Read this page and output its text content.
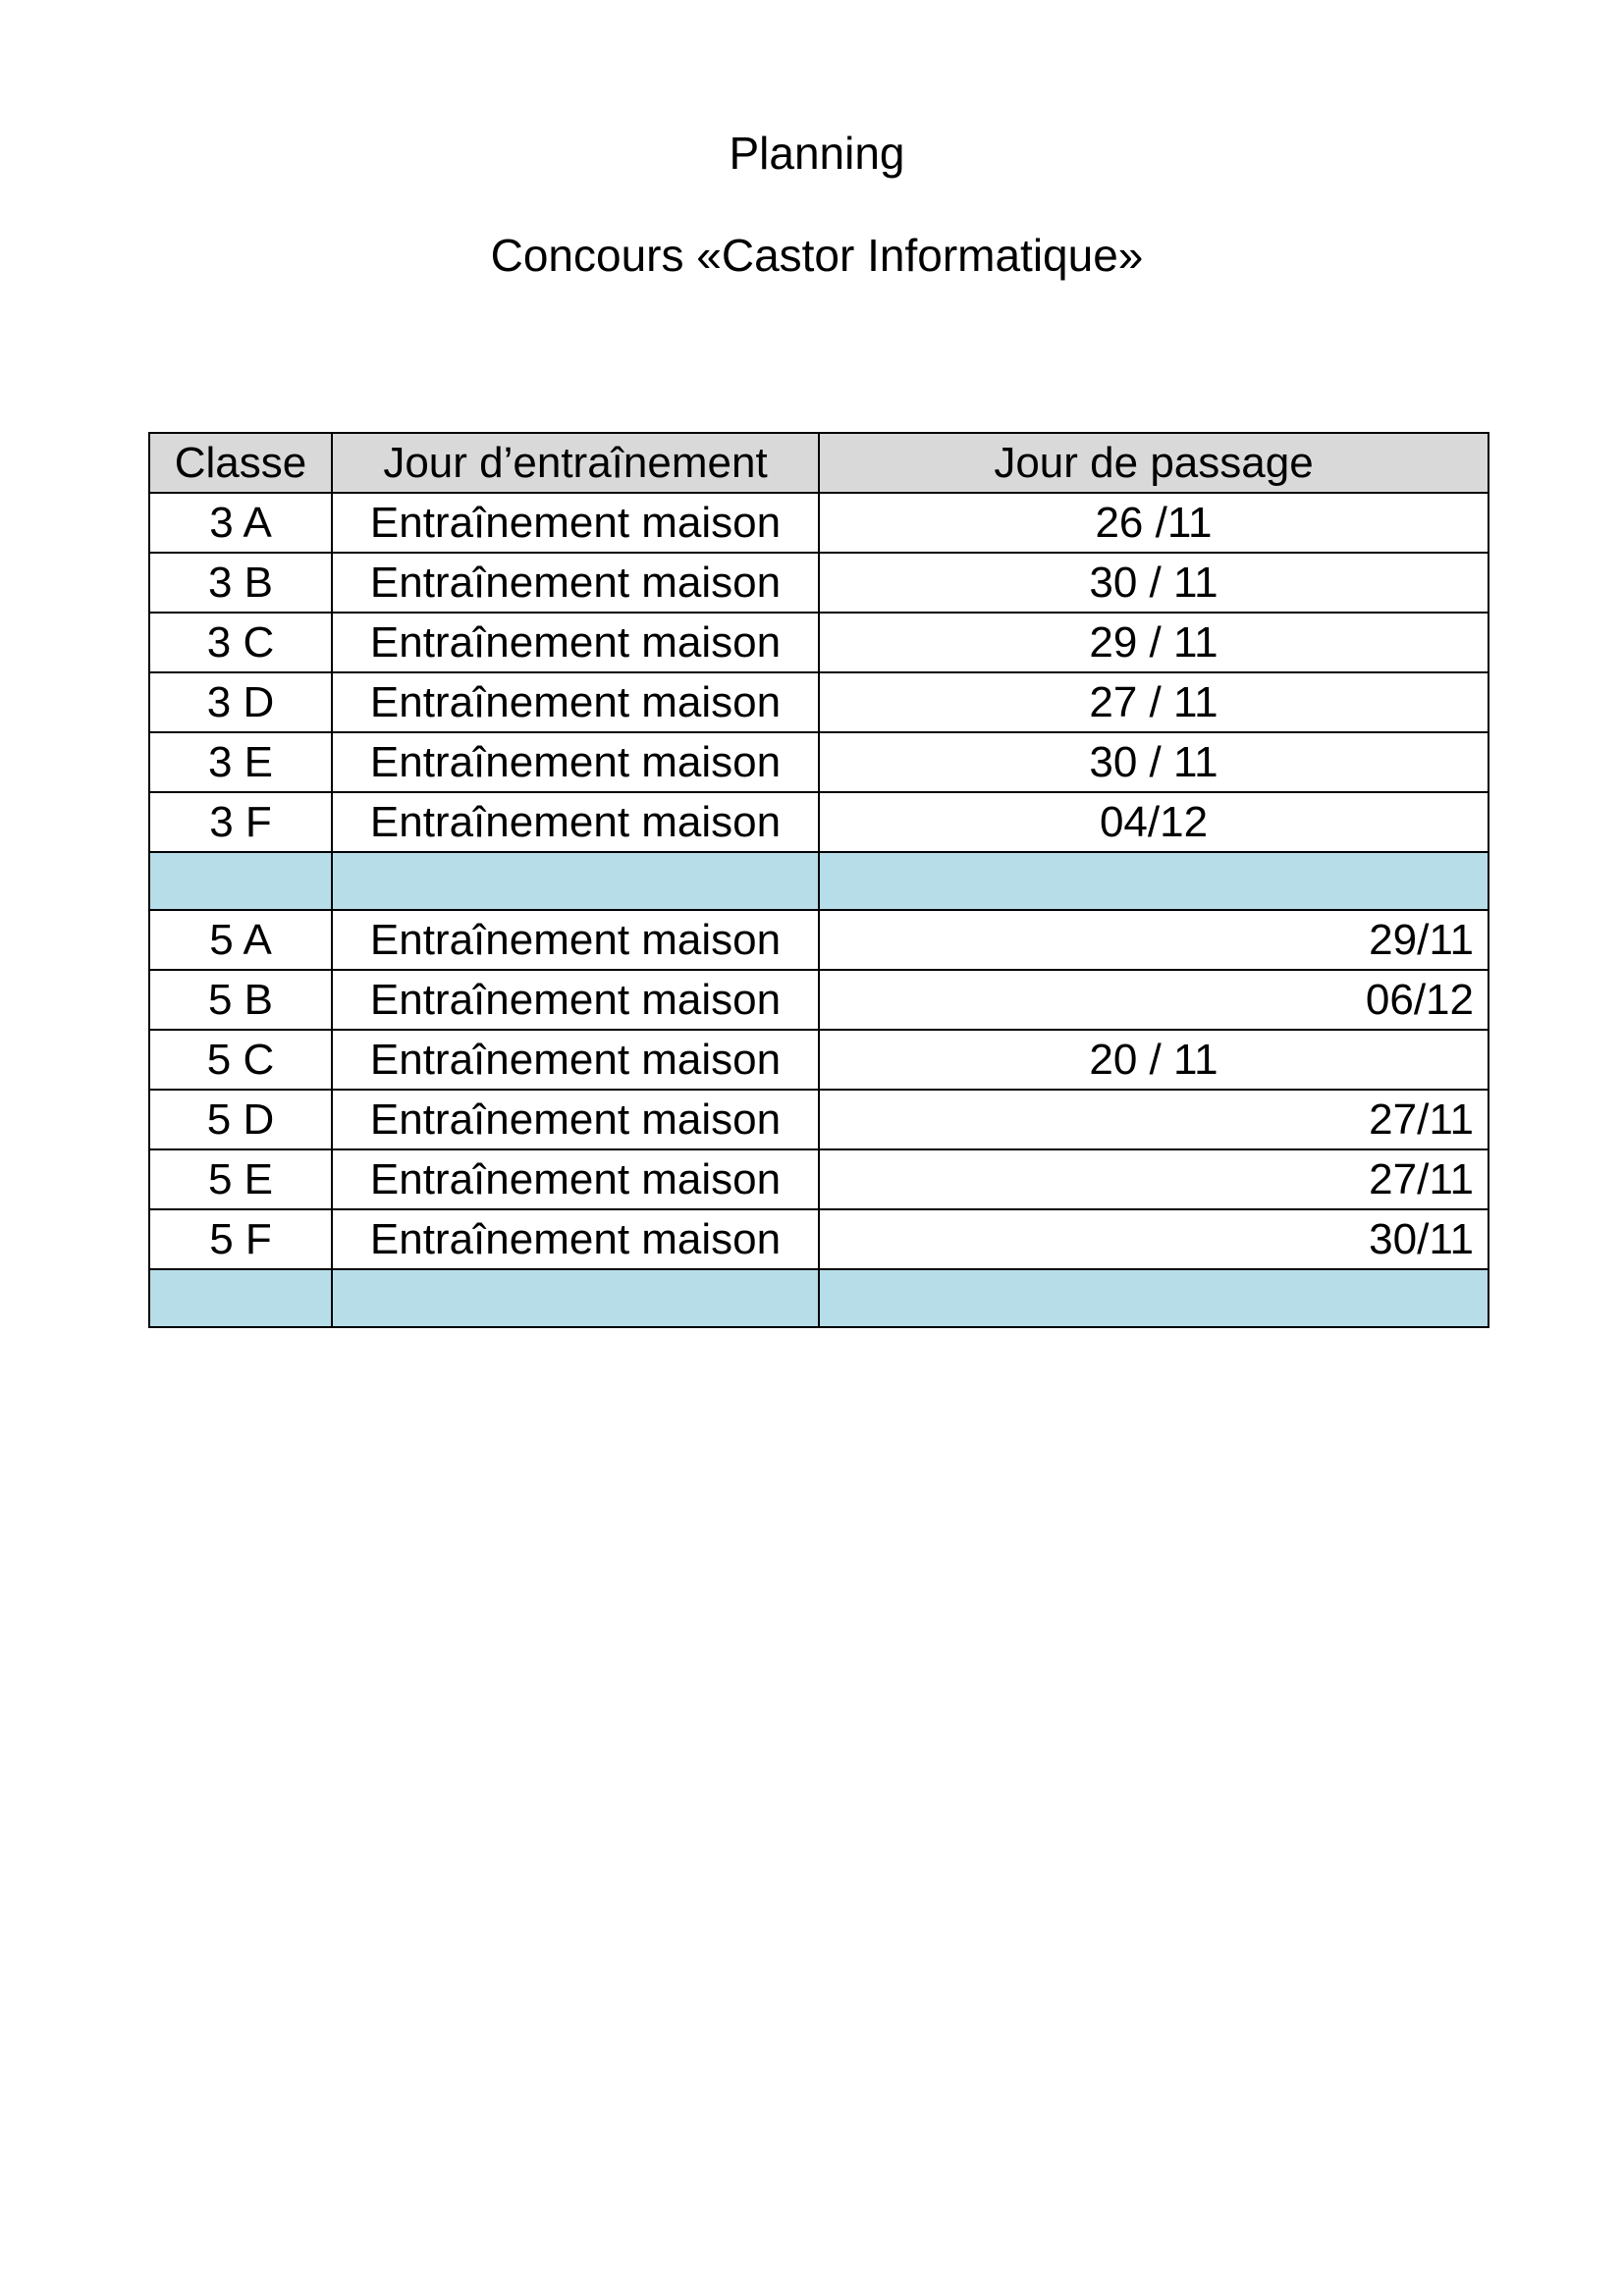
Planning
Concours «Castor Informatique»
Classe	Jour d’entraînement	Jour de passage
3 A	Entraînement maison	26 /11
3 B	Entraînement maison	30 / 11
3 C	Entraînement maison	29 / 11
3 D	Entraînement maison	27 / 11
3 E	Entraînement maison	30 / 11
3 F	Entraînement maison	04/12

5 A	Entraînement maison	29/11
5 B	Entraînement maison	06/12
5 C	Entraînement maison	20 / 11
5 D	Entraînement maison	27/11
5 E	Entraînement maison	27/11
5 F	Entraînement maison	30/11
